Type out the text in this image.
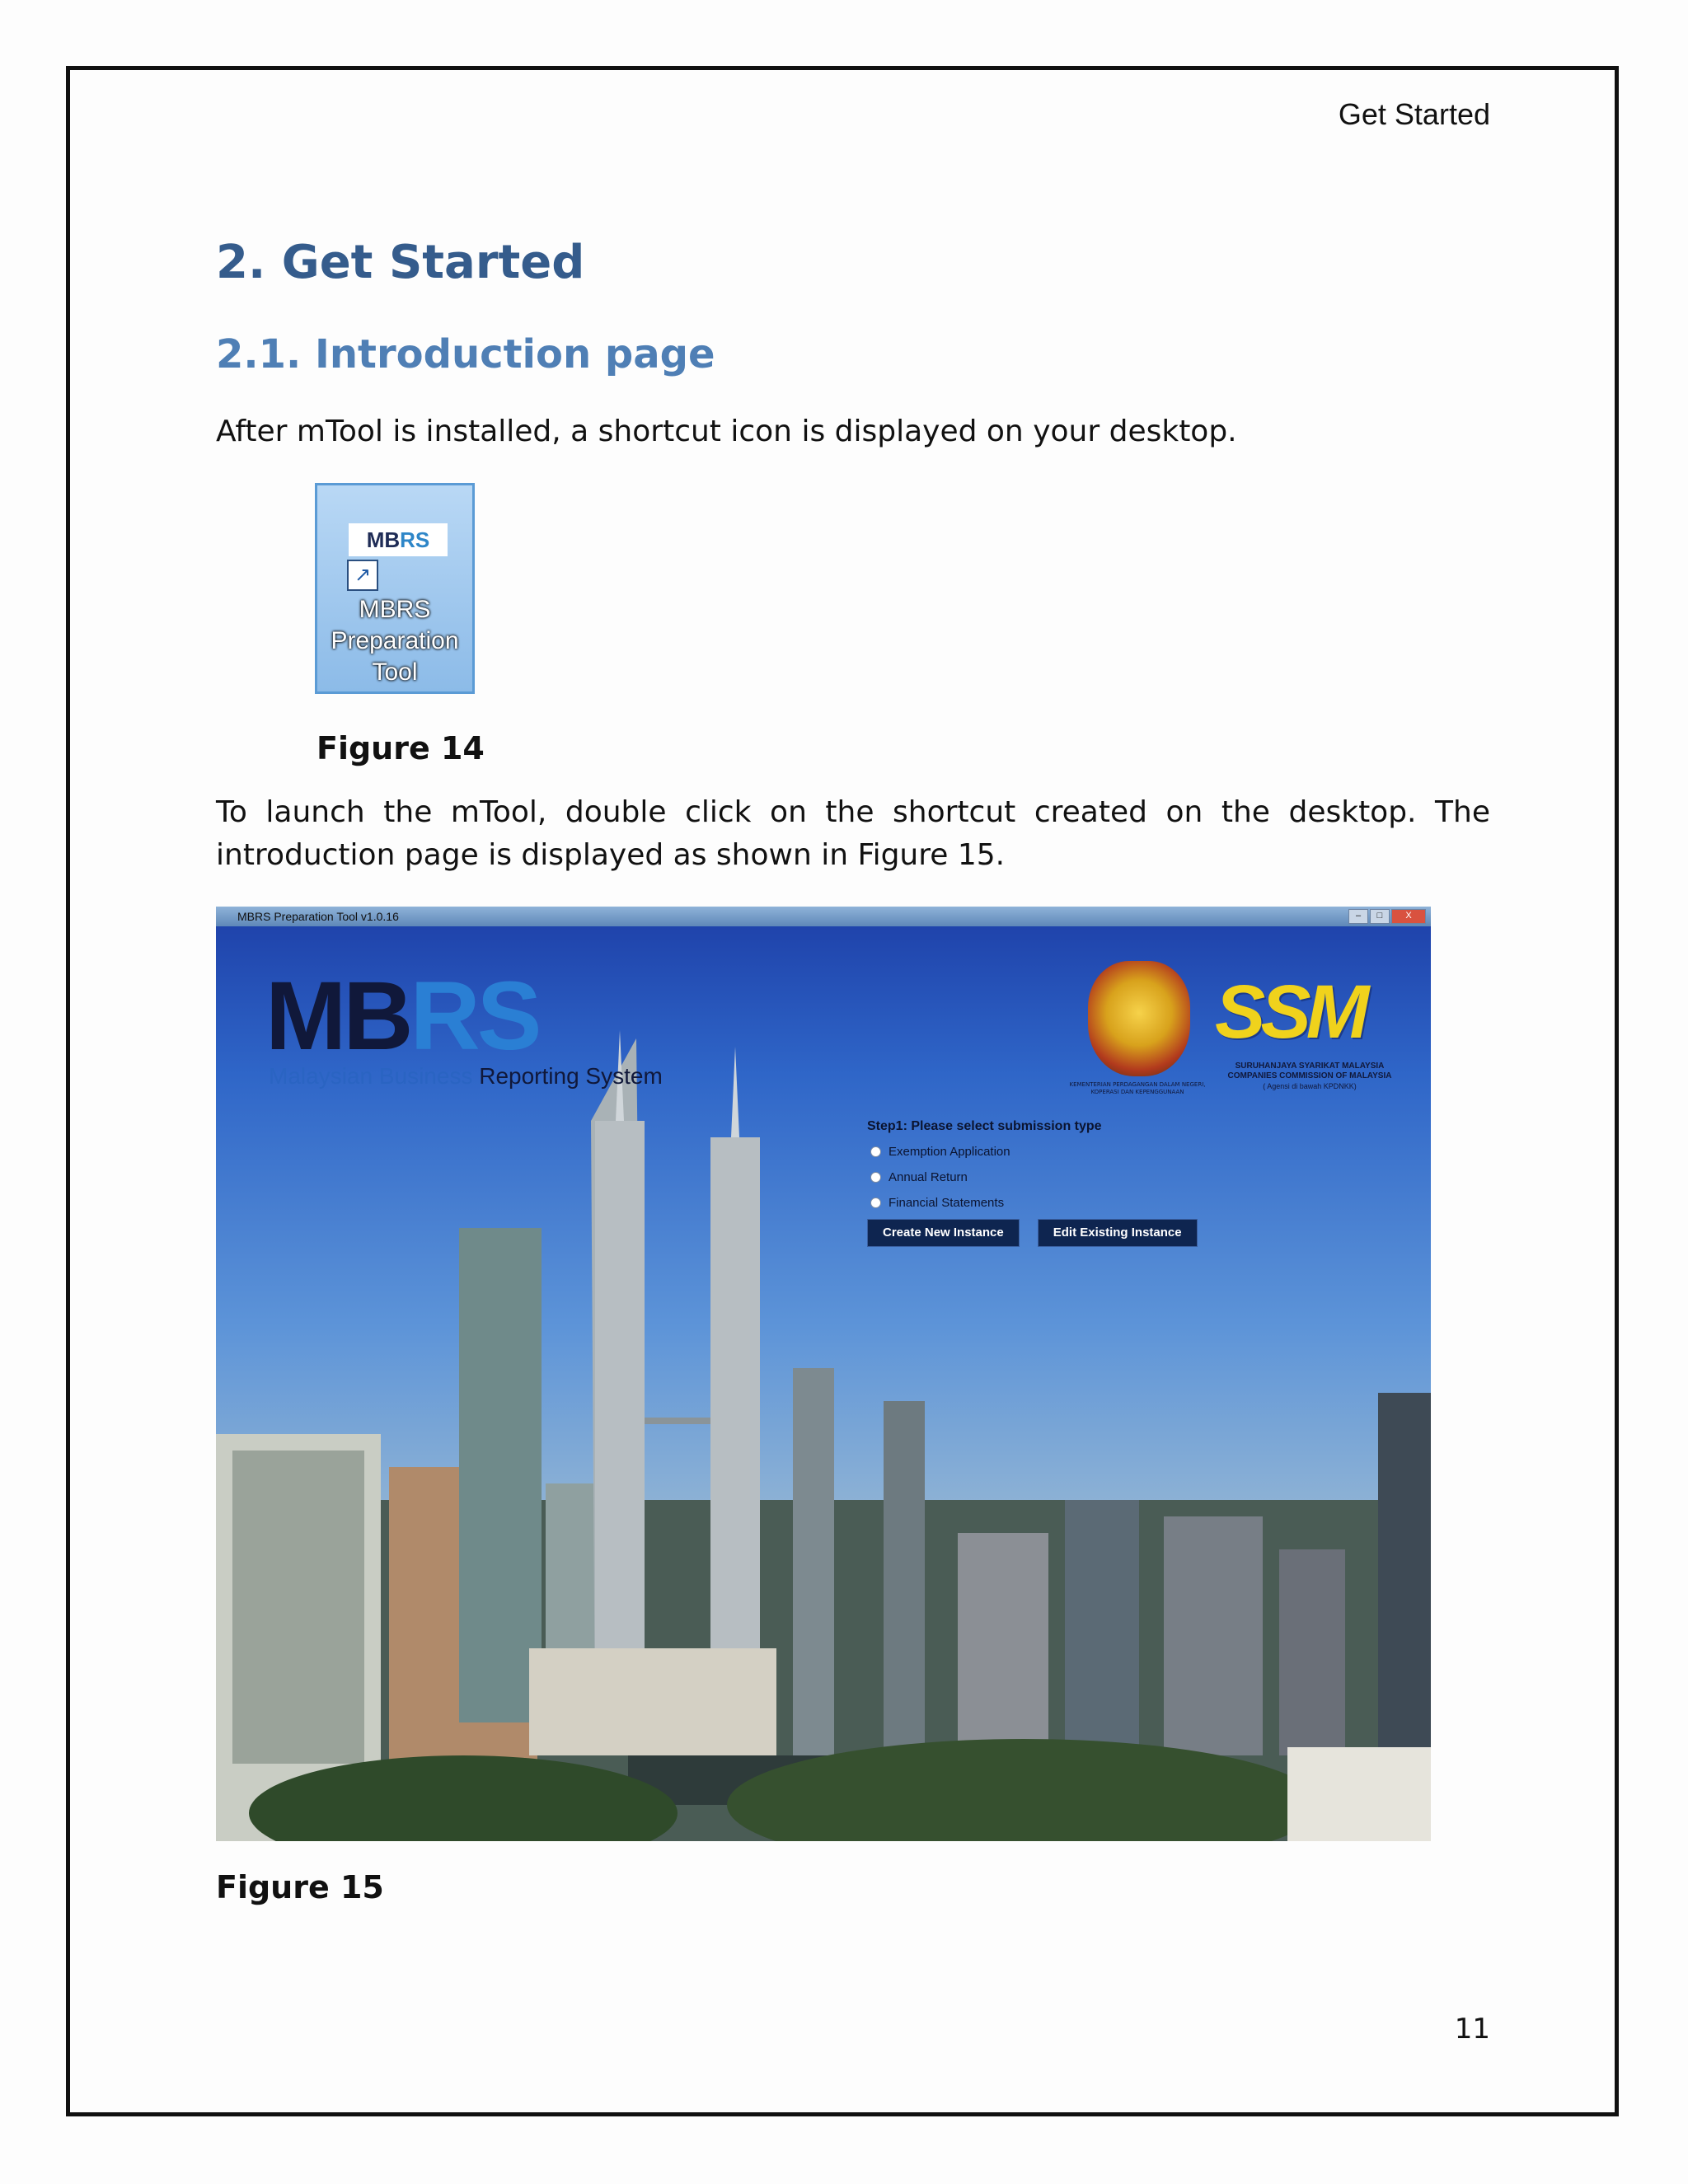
Get Started
2. Get Started
2.1. Introduction page
After mTool is installed, a shortcut icon is displayed on your desktop.
MBRS
↗
MBRS
Preparation
Tool
Figure 14
To launch the mTool, double click on the shortcut created on the desktop. The introduction page is displayed as shown in Figure 15.
MBRS Preparation Tool v1.0.16	–	□	X
MBRS
Malaysian Business Reporting System	KEMENTERIAN PERDAGANGAN DALAM NEGERI, KOPERASI DAN KEPENGGUNAAN
SSM
SURUHANJAYA SYARIKAT MALAYSIA
COMPANIES COMMISSION OF MALAYSIA
( Agensi di bawah KPDNKK)
Step1: Please select submission type
Exemption Application
Annual Return
Financial Statements
Create New Instance	Edit Existing Instance
Figure 15
11
